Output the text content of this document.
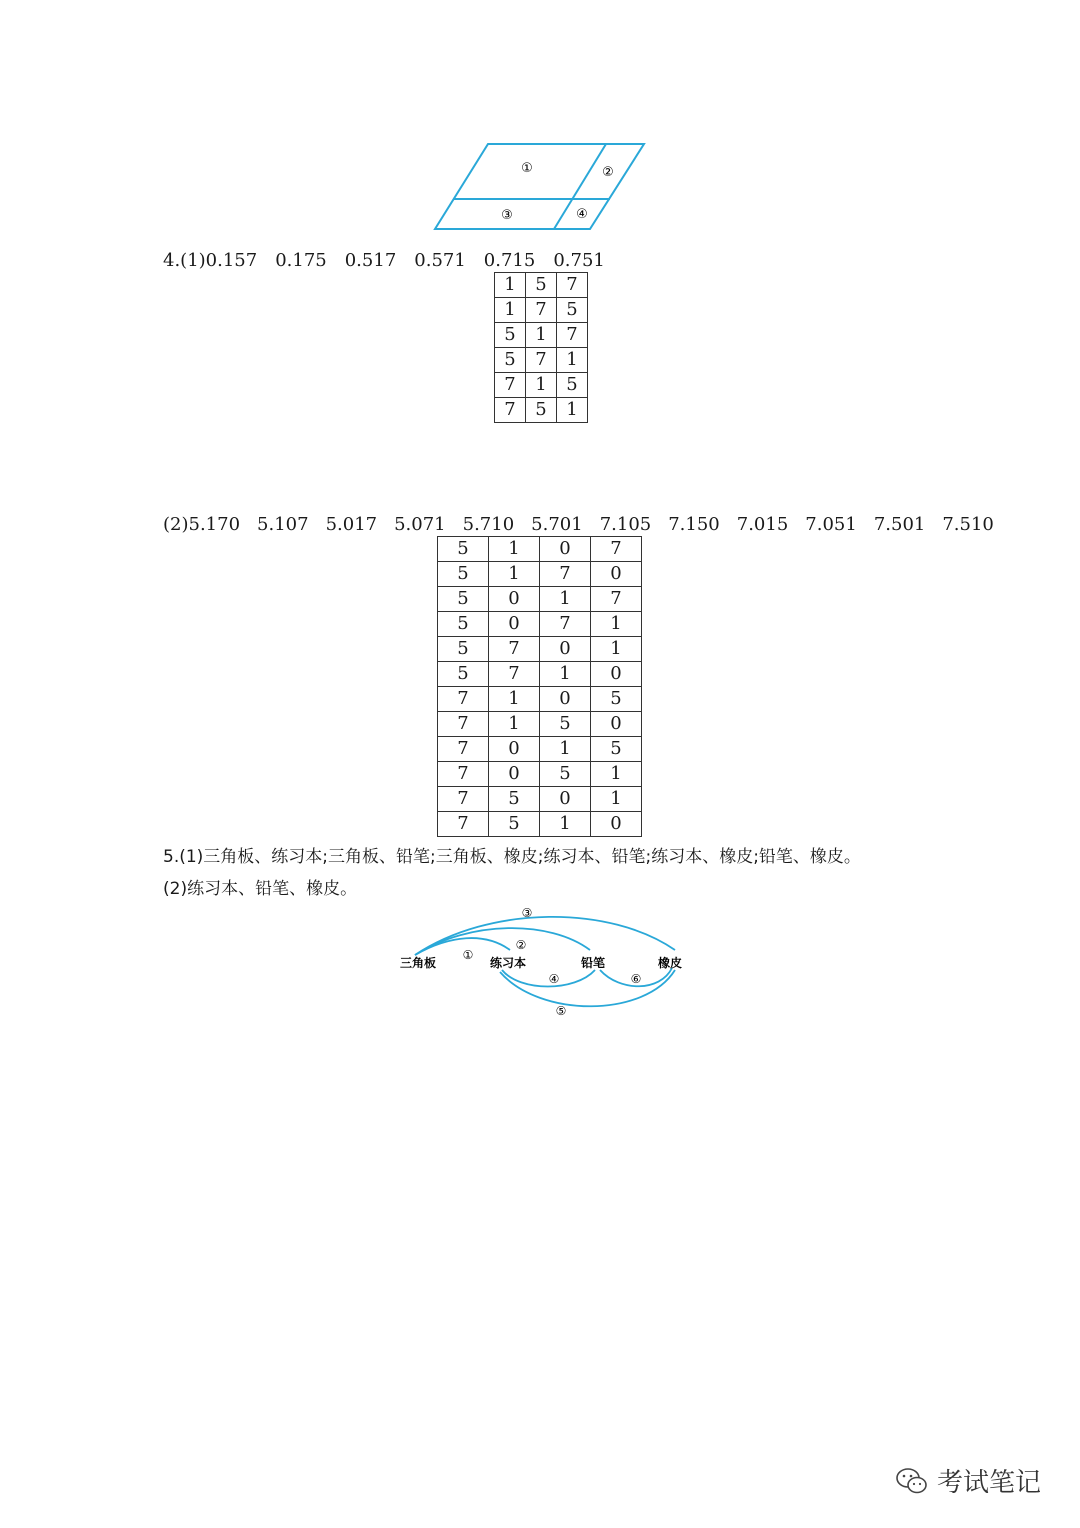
①	②
③	④
4.(1)0.157 0.175 0.517 0.571 0.715 0.751
1	5	7
1	7	5
5	1	7
5	7	1
7	1	5
7	5	1
(2)5.170 5.107 5.017 5.071 5.710 5.701 7.105 7.150 7.015 7.051 7.501 7.510
5	1	0	7
5	1	7	0
5	0	1	7
5	0	7	1
5	7	0	1
5	7	1	0
7	1	0	5
7	1	5	0
7	0	1	5
7	0	5	1
7	5	0	1
7	5	1	0
5.(1)三角板、练习本;三角板、铅笔;三角板、橡皮;练习本、铅笔;练习本、橡皮;铅笔、橡皮。
(2)练习本、铅笔、橡皮。
三角板	练习本	铅笔	橡皮
①
②
③
④
⑤
⑥
考试笔记
